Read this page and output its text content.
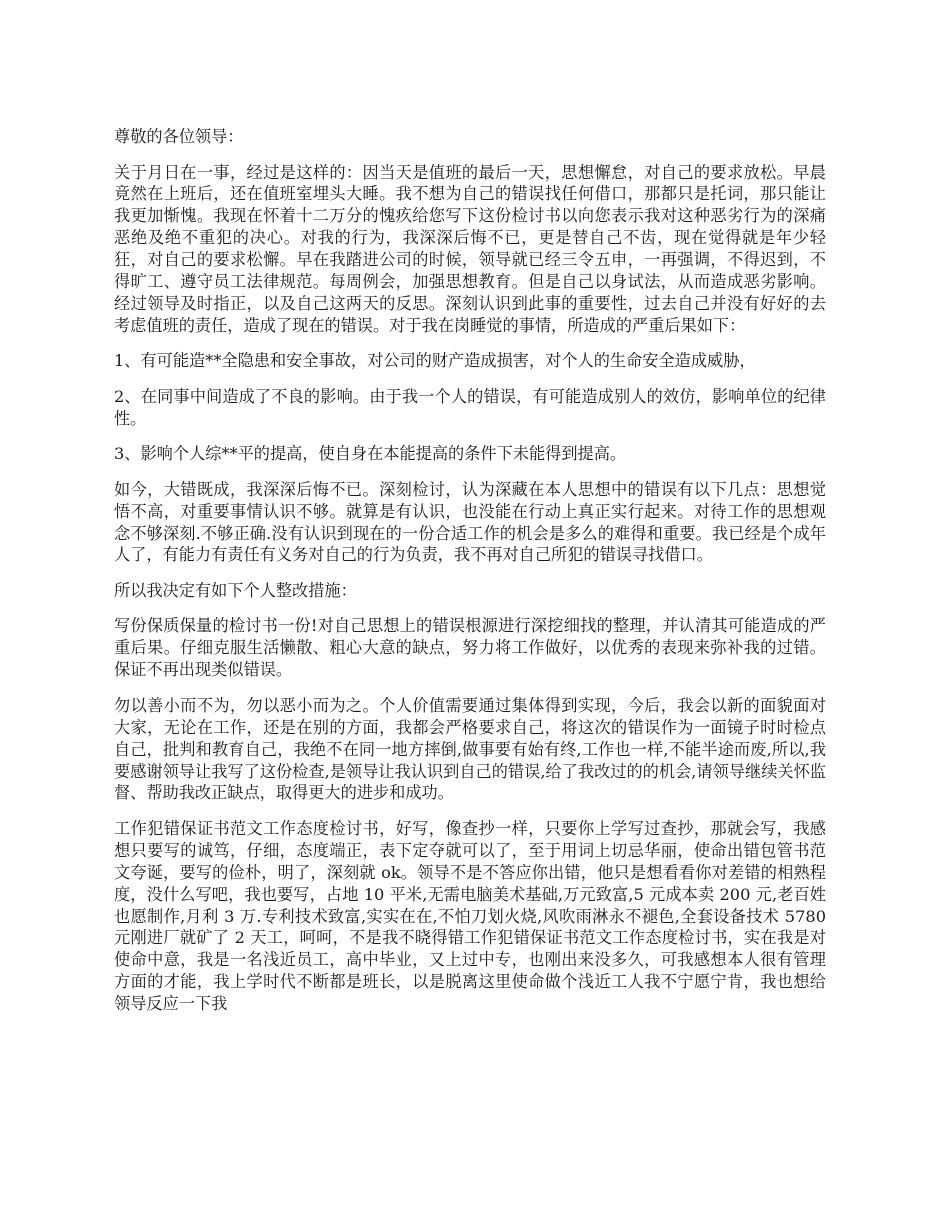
尊敬的各位领导：

关于月日在一事，经过是这样的：因当天是值班的最后一天，思想懈怠，对自己的要求放松。早晨竟然在上班后，还在值班室埋头大睡。我不想为自己的错误找任何借口，那都只是托词，那只能让我更加惭愧。我现在怀着十二万分的愧疚给您写下这份检讨书以向您表示我对这种恶劣行为的深痛恶绝及绝不重犯的决心。对我的行为，我深深后悔不已，更是替自己不齿，现在觉得就是年少轻狂，对自己的要求松懈。早在我踏进公司的时候，领导就已经三令五申，一再强调，不得迟到，不得旷工、遵守员工法律规范。每周例会，加强思想教育。但是自己以身试法，从而造成恶劣影响。经过领导及时指正，以及自己这两天的反思。深刻认识到此事的重要性，过去自己并没有好好的去考虑值班的责任，造成了现在的错误。对于我在岗睡觉的事情，所造成的严重后果如下：

1、有可能造**全隐患和安全事故，对公司的财产造成损害，对个人的生命安全造成威胁，

2、在同事中间造成了不良的影响。由于我一个人的错误，有可能造成别人的效仿，影响单位的纪律性。

3、影响个人综**平的提高，使自身在本能提高的条件下未能得到提高。

如今，大错既成，我深深后悔不已。深刻检讨，认为深藏在本人思想中的错误有以下几点：思想觉悟不高，对重要事情认识不够。就算是有认识，也没能在行动上真正实行起来。对待工作的思想观念不够深刻.不够正确.没有认识到现在的一份合适工作的机会是多么的难得和重要。我已经是个成年人了，有能力有责任有义务对自己的行为负责，我不再对自己所犯的错误寻找借口。

所以我决定有如下个人整改措施：

写份保质保量的检讨书一份!对自己思想上的错误根源进行深挖细找的整理，并认清其可能造成的严重后果。仔细克服生活懒散、粗心大意的缺点，努力将工作做好，以优秀的表现来弥补我的过错。保证不再出现类似错误。

勿以善小而不为，勿以恶小而为之。个人价值需要通过集体得到实现，今后，我会以新的面貌面对大家，无论在工作，还是在别的方面，我都会严格要求自己，将这次的错误作为一面镜子时时检点自己，批判和教育自己，我绝不在同一地方摔倒,做事要有始有终,工作也一样,不能半途而废,所以,我要感谢领导让我写了这份检查,是领导让我认识到自己的错误,给了我改过的的机会,请领导继续关怀监督、帮助我改正缺点，取得更大的进步和成功。

工作犯错保证书范文工作态度检讨书，好写，像查抄一样，只要你上学写过查抄，那就会写，我感想只要写的诚笃，仔细，态度端正，表下定夺就可以了，至于用词上切忌华丽，使命出错包管书范文夸诞，要写的俭朴，明了，深刻就 ok。领导不是不答应你出错，他只是想看看你对差错的相熟程度，没什么写吧，我也要写，占地 10 平米,无需电脑美术基础,万元致富,5 元成本卖 200 元,老百姓也愿制作,月利 3 万.专利技术致富,实实在在,不怕刀划火烧,风吹雨淋永不褪色,全套设备技术 5780 元刚进厂就矿了 2 天工，呵呵，不是我不晓得错工作犯错保证书范文工作态度检讨书，实在我是对使命中意，我是一名浅近员工，高中毕业，又上过中专，也刚出来没多久，可我感想本人很有管理方面的才能，我上学时代不断都是班长，以是脱离这里使命做个浅近工人我不宁愿宁肯，我也想给领导反应一下我
